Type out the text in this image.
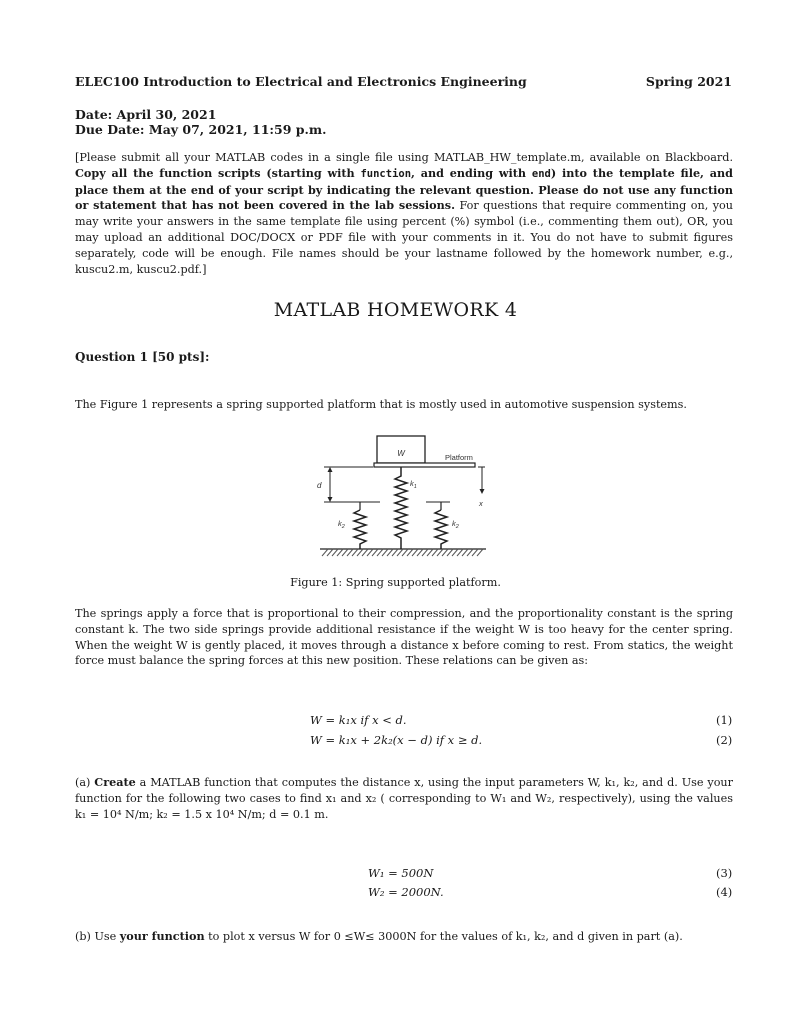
ELEC100 Introduction to Electrical and Electronics Engineering	Spring 2021
Date: April 30, 2021
Due Date: May 07, 2021, 11:59 p.m.
[Please submit all your MATLAB codes in a single file using MATLAB_HW_template.m, available on Blackboard. Copy all the function scripts (starting with function, and ending with end) into the template file, and place them at the end of your script by indicating the relevant question. Please do not use any function or statement that has not been covered in the lab sessions. For questions that require commenting on, you may write your answers in the same template file using percent (%) symbol (i.e., commenting them out), OR, you may upload an additional DOC/DOCX or PDF file with your comments in it. You do not have to submit figures separately, code will be enough. File names should be your lastname followed by the homework number, e.g., kuscu2.m, kuscu2.pdf.]
MATLAB HOMEWORK 4
Question 1 [50 pts]:
The Figure 1 represents a spring supported platform that is mostly used in automotive suspension systems.
W	Platform
d
x
$k_1$
$k_2$	$k_2$
Figure 1: Spring supported platform.
The springs apply a force that is proportional to their compression, and the proportionality constant is the spring constant k. The two side springs provide additional resistance if the weight W is too heavy for the center spring. When the weight W is gently placed, it moves through a distance x before coming to rest. From statics, the weight force must balance the spring forces at this new position. These relations can be given as:
W = k₁x if x < d.	(1)
W = k₁x + 2k₂(x − d) if x ≥ d.	(2)
(a) Create a MATLAB function that computes the distance x, using the input parameters W, k₁, k₂, and d. Use your function for the following two cases to find x₁ and x₂ ( corresponding to W₁ and W₂, respectively), using the values k₁ = 10⁴ N/m; k₂ = 1.5 x 10⁴ N/m; d = 0.1 m.
W₁ = 500N	(3)
W₂ = 2000N.	(4)
(b) Use your function to plot x versus W for 0 ≤W≤ 3000N for the values of k₁, k₂, and d given in part (a).
